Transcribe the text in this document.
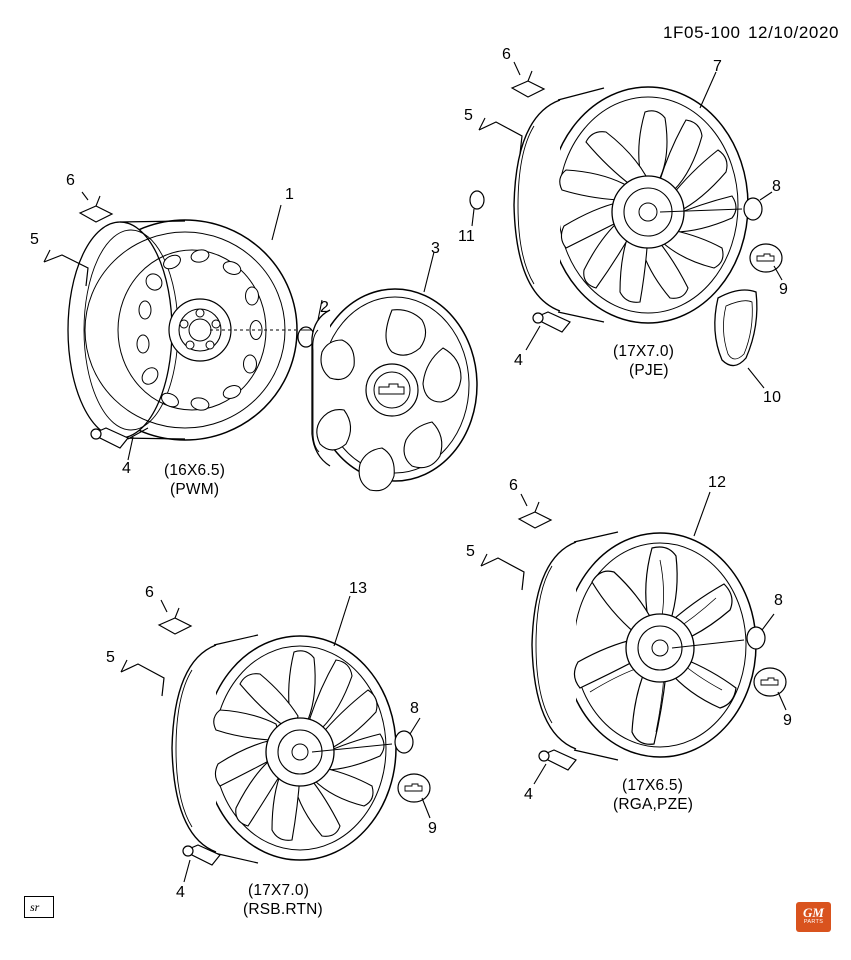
1F05-100 12/10/2020
1
2
3
4
5
6
7
8
9
10
11
4
5
6
12
8
9
4
5
6
13
8
9
4
5
6
(16X6.5)
(PWM)
(17X7.0)
(PJE)
(17X6.5)
(RGA,PZE)
(17X7.0)
(RSB.RTN)
sr	GM
PARTS
